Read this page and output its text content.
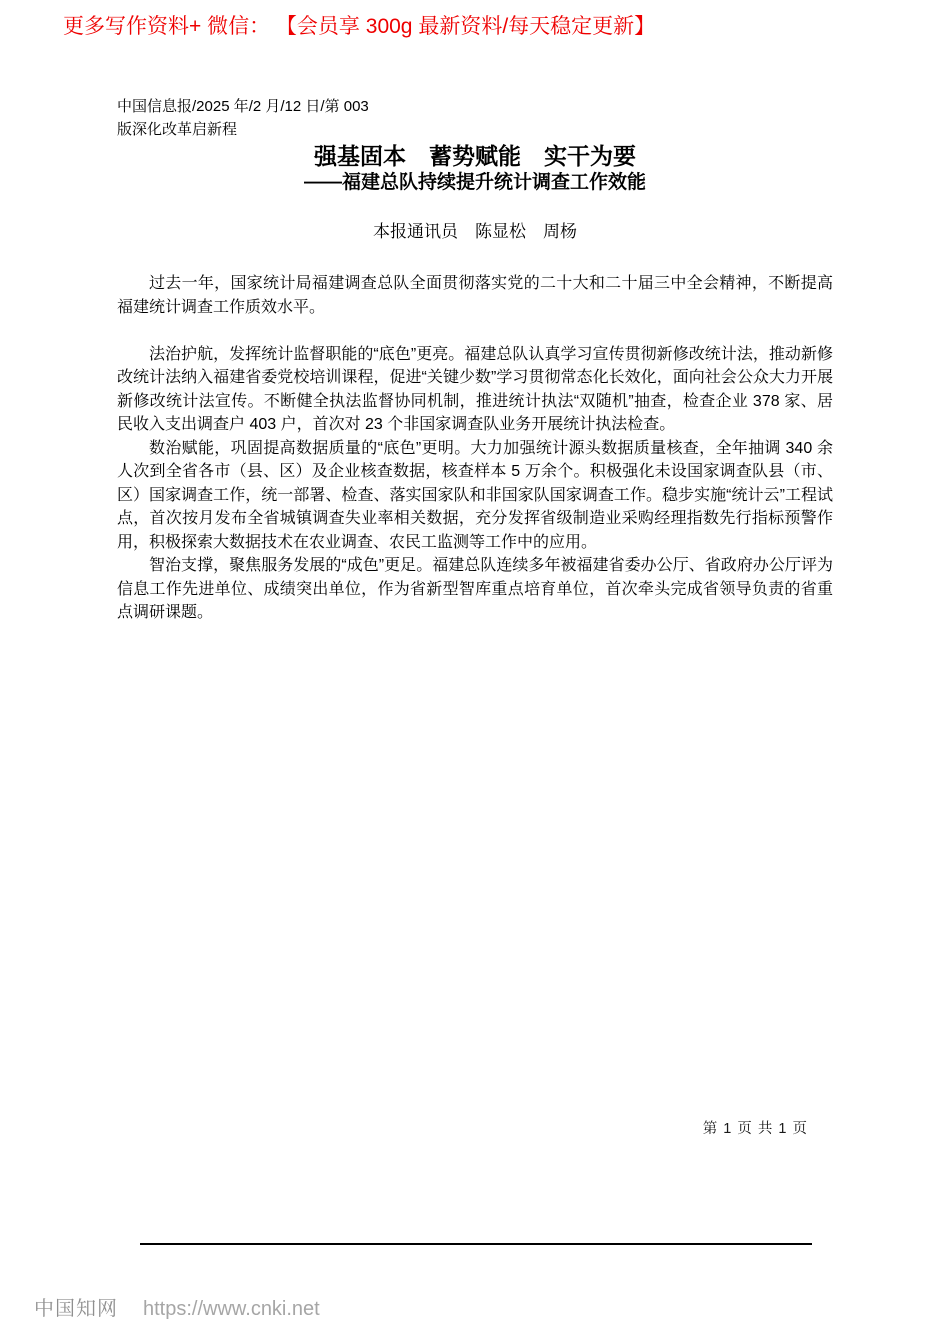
更多写作资料+ 微信： 【会员享 300g 最新资料/每天稳定更新】
中国信息报/2025 年/2 月/12 日/第 003
版深化改革启新程
强基固本　蓄势赋能　实干为要
——福建总队持续提升统计调查工作效能
本报通讯员　陈显松　周杨

过去一年，国家统计局福建调查总队全面贯彻落实党的二十大和二十届三中全会精神，不断提高福建统计调查工作质效水平。

法治护航，发挥统计监督职能的“底色”更亮。福建总队认真学习宣传贯彻新修改统计法，推动新修改统计法纳入福建省委党校培训课程，促进“关键少数”学习贯彻常态化长效化，面向社会公众大力开展新修改统计法宣传。不断健全执法监督协同机制，推进统计执法“双随机”抽查，检查企业 378 家、居民收入支出调查户 403 户，首次对 23 个非国家调查队业务开展统计执法检查。

数治赋能，巩固提高数据质量的“底色”更明。大力加强统计源头数据质量核查，全年抽调 340 余人次到全省各市（县、区）及企业核查数据，核查样本 5 万余个。积极强化未设国家调查队县（市、区）国家调查工作，统一部署、检查、落实国家队和非国家队国家调查工作。稳步实施“统计云”工程试点，首次按月发布全省城镇调查失业率相关数据，充分发挥省级制造业采购经理指数先行指标预警作用，积极探索大数据技术在农业调查、农民工监测等工作中的应用。

智治支撑，聚焦服务发展的“成色”更足。福建总队连续多年被福建省委办公厅、省政府办公厅评为信息工作先进单位、成绩突出单位，作为省新型智库重点培育单位，首次牵头完成省领导负责的省重点调研课题。

第 1 页 共 1 页
中国知网 https://www.cnki.net
